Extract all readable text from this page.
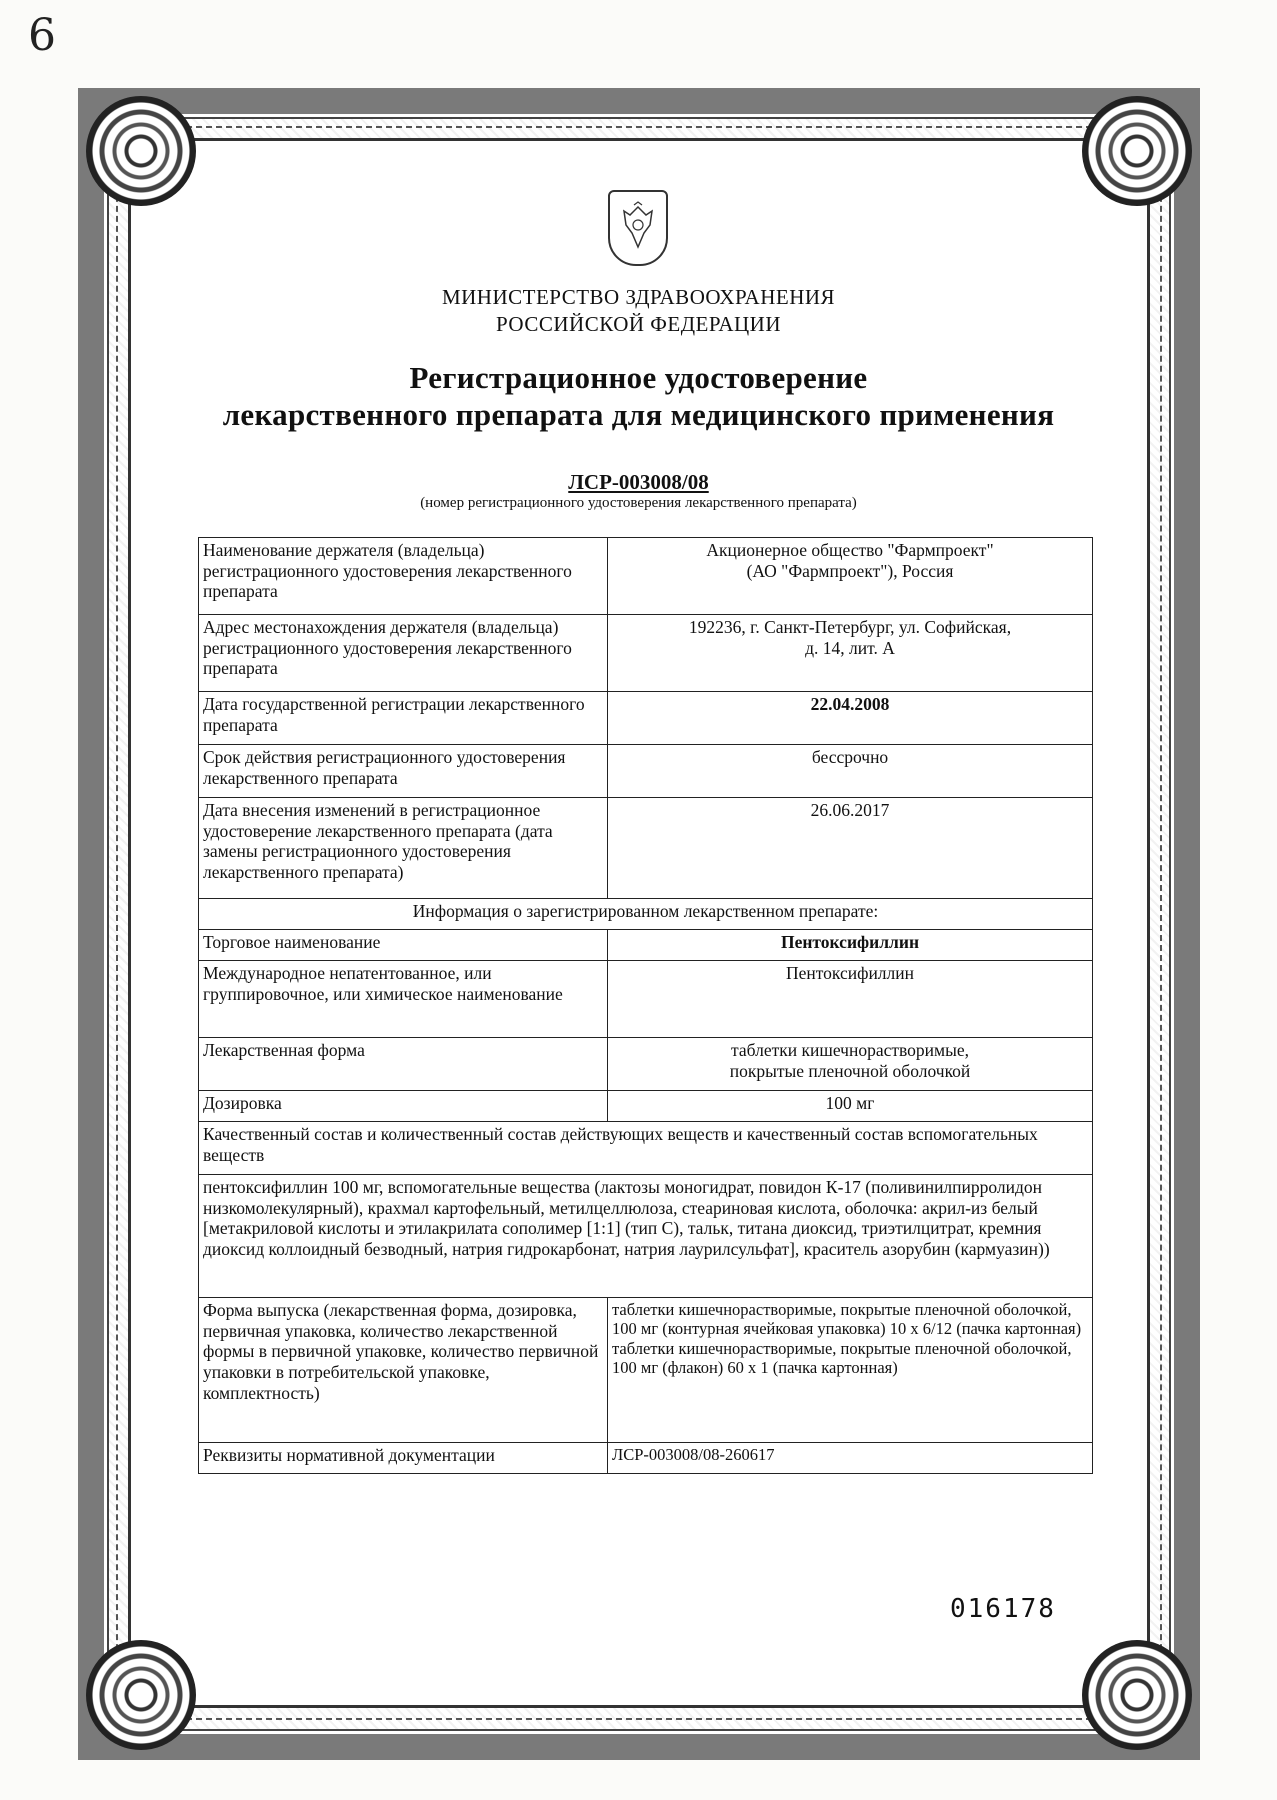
6
МИНИСТЕРСТВО ЗДРАВООХРАНЕНИЯ
РОССИЙСКОЙ ФЕДЕРАЦИИ
Регистрационное удостоверение
лекарственного препарата для медицинского применения
ЛСР-003008/08
(номер регистрационного удостоверения лекарственного препарата)
Наименование держателя (владельца) регистрационного удостоверения лекарственного препарата	Акционерное общество "Фармпроект"
(АО "Фармпроект"), Россия

Адрес местонахождения держателя (владельца) регистрационного удостоверения лекарственного препарата	192236, г. Санкт-Петербург, ул. Софийская,
д. 14, лит. А

Дата государственной регистрации лекарственного препарата	22.04.2008
Срок действия регистрационного удостоверения лекарственного препарата	бессрочно
Дата внесения изменений в регистрационное удостоверение лекарственного препарата (дата замены регистрационного удостоверения лекарственного препарата)	26.06.2017
Информация о зарегистрированном лекарственном препарате:	
Торговое наименование	Пентоксифиллин
Международное непатентованное, или группировочное, или химическое наименование	Пентоксифиллин
Лекарственная форма	таблетки кишечнорастворимые,
покрытые пленочной оболочкой

Дозировка	100 мг
Качественный состав и количественный состав действующих веществ и качественный состав вспомогательных веществ	
пентоксифиллин 100 мг, вспомогательные вещества (лактозы моногидрат, повидон К-17 (поливинилпирролидон низкомолекулярный), крахмал картофельный, метилцеллюлоза, стеариновая кислота, оболочка: акрил-из белый [метакриловой кислоты и этилакрилата сополимер [1:1] (тип С), тальк, титана диоксид, триэтилцитрат, кремния диоксид коллоидный безводный, натрия гидрокарбонат, натрия лаурилсульфат], краситель азорубин (кармуазин))	
Форма выпуска (лекарственная форма, дозировка, первичная упаковка, количество лекарственной формы в первичной упаковке, количество первичной упаковки в потребительской упаковке, комплектность)	таблетки кишечнорастворимые, покрытые пленочной оболочкой, 100 мг (контурная ячейковая упаковка) 10 х 6/12 (пачка картонная)
таблетки кишечнорастворимые, покрытые пленочной оболочкой, 100 мг (флакон) 60 х 1 (пачка картонная)

Реквизиты нормативной документации	ЛСР-003008/08-260617
016178
